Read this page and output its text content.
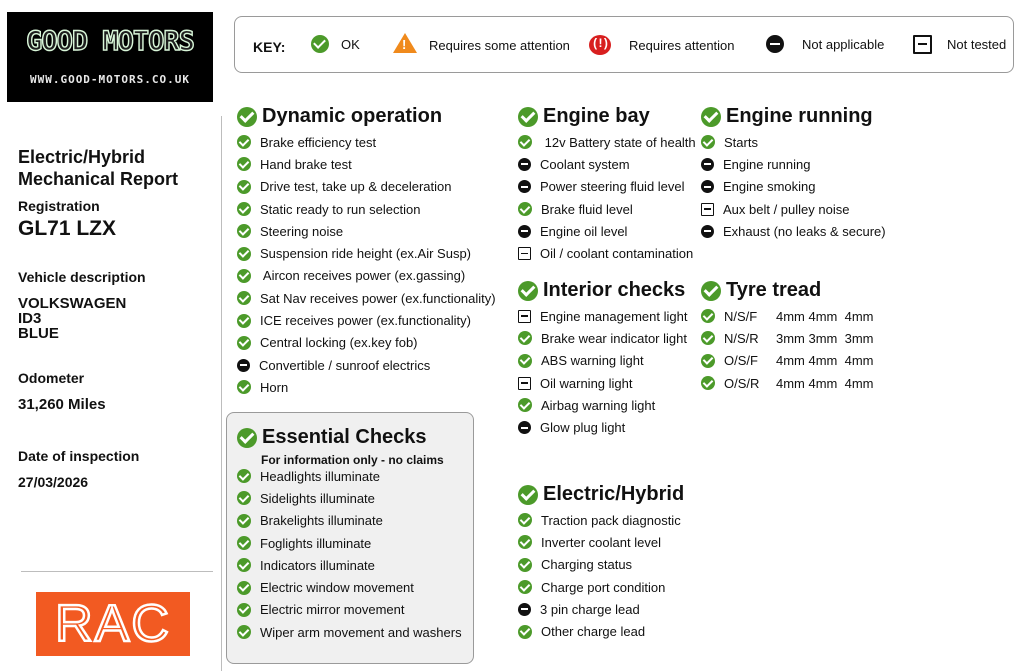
GOOD MOTORS
WWW.GOOD-MOTORS.CO.UK
KEY:	OK !	Requires some attention ( ! )	Requires attention	Not applicable	Not tested
Electric/Hybrid Mechanical Report
Registration
GL71 LZX
Vehicle description
VOLKSWAGEN
ID3
BLUE
Odometer
31,260 Miles
Date of inspection
27/03/2026
RAC
Dynamic operation
Brake efficiency test
Hand brake test
Drive test, take up & deceleration
Static ready to run selection
Steering noise
Suspension ride height (ex.Air Susp)
Aircon receives power (ex.gassing)
Sat Nav receives power (ex.functionality)
ICE receives power (ex.functionality)
Central locking (ex.key fob)
Convertible / sunroof electrics
Horn
Essential Checks
For information only - no claims
Headlights illuminate
Sidelights illuminate
Brakelights illuminate
Foglights illuminate
Indicators illuminate
Electric window movement
Electric mirror movement
Wiper arm movement and washers
Engine bay
12v Battery state of health
Coolant system
Power steering fluid level
Brake fluid level
Engine oil level
Oil / coolant contamination
Interior checks
Engine management light
Brake wear indicator light
ABS warning light
Oil warning light
Airbag warning light
Glow plug light
Electric/Hybrid
Traction pack diagnostic
Inverter coolant level
Charging status
Charge port condition
3 pin charge lead
Other charge lead
Engine running
Starts
Engine running
Engine smoking
Aux belt / pulley noise
Exhaust (no leaks & secure)
Tyre tread
N/S/F	4mm 4mm  4mm
N/S/R	3mm 3mm  3mm
O/S/F	4mm 4mm  4mm
O/S/R	4mm 4mm  4mm
